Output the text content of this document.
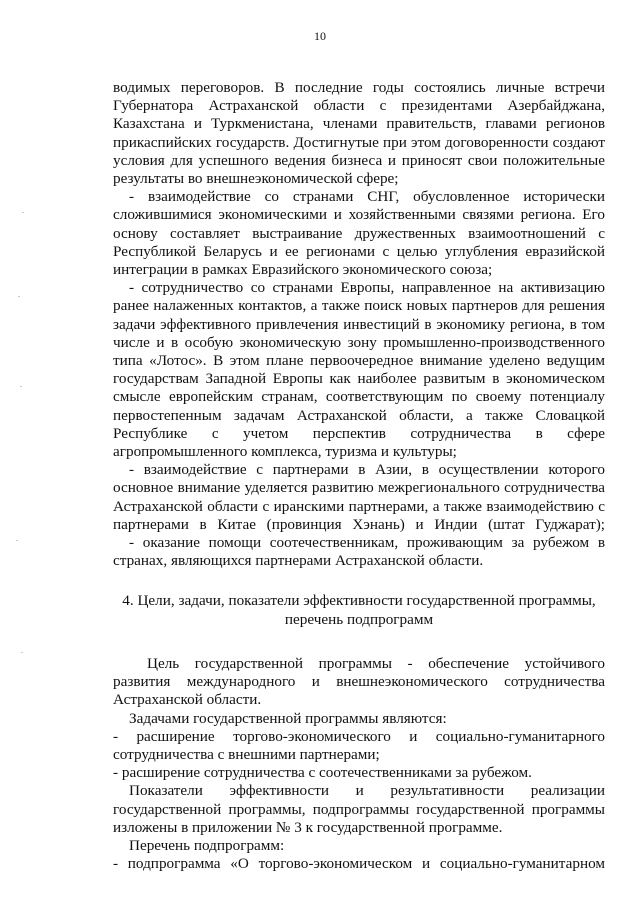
10

водимых переговоров. В последние годы состоялись личные встречи Губернатора Астраханской области с президентами Азербайджана, Казахстана и Туркменистана, членами правительств, главами регионов прикаспийских государств. Достигнутые при этом договоренности создают условия для успешного ведения бизнеса и приносят свои положительные результаты во внешнеэкономической сфере;

- взаимодействие со странами СНГ, обусловленное исторически сложившимися экономическими и хозяйственными связями региона. Его основу составляет выстраивание дружественных взаимоотношений с Республикой Беларусь и ее регионами с целью углубления евразийской интеграции в рамках Евразийского экономического союза;

- сотрудничество со странами Европы, направленное на активизацию ранее налаженных контактов, а также поиск новых партнеров для решения задачи эффективного привлечения инвестиций в экономику региона, в том числе и в особую экономическую зону промышленно-производственного типа «Лотос». В этом плане первоочередное внимание уделено ведущим государствам Западной Европы как наиболее развитым в экономическом смысле европейским странам, соответствующим по своему потенциалу первостепенным задачам Астраханской области, а также Словацкой Республике с учетом перспектив сотрудничества в сфере агропромышленного комплекса, туризма и культуры;

- взаимодействие с партнерами в Азии, в осуществлении которого основное внимание уделяется развитию межрегионального сотрудничества Астраханской области с иранскими партнерами, а также взаимодействию с партнерами в Китае (провинция Хэнань) и Индии (штат Гуджарат);

- оказание помощи соотечественникам, проживающим за рубежом в странах, являющихся партнерами Астраханской области.

4. Цели, задачи, показатели эффективности государственной программы,
перечень подпрограмм

Цель государственной программы - обеспечение устойчивого развития международного и внешнеэкономического сотрудничества Астраханской области.

Задачами государственной программы являются:

- расширение торгово-экономического и социально-гуманитарного сотрудничества с внешними партнерами;

- расширение сотрудничества с соотечественниками за рубежом.

Показатели эффективности и результативности реализации государственной программы, подпрограммы государственной программы изложены в приложении № 3 к государственной программе.

Перечень подпрограмм:

- подпрограмма «О торгово-экономическом и социально-гуманитарном
